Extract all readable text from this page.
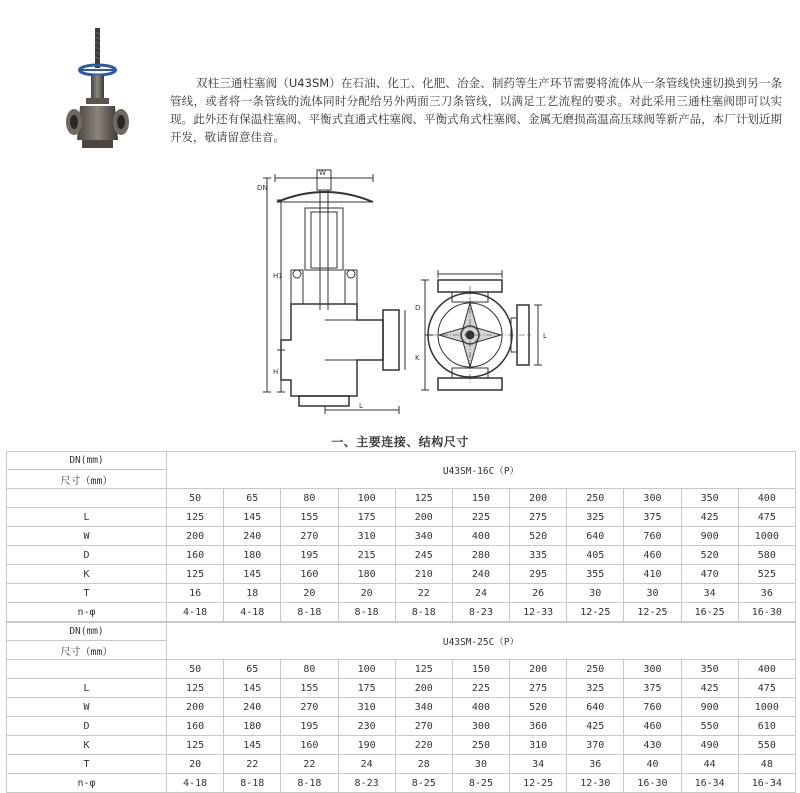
双柱三通柱塞阀（U43SM）在石油、化工、化肥、冶金、制药等生产环节需要将流体从一条管线快速切换到另一条管线，或者将一条管线的流体同时分配给另外两面三刀条管线，以满足工艺流程的要求。对此采用三通柱塞阀即可以实现。此外还有保温柱塞阀、平衡式直通式柱塞阀、平衡式角式柱塞阀、金属无磨损高温高压球阀等新产品，本厂计划近期开发，敬请留意佳音。
W
DN
H1
H
L
D
K
L
一、主要连接、结构尺寸
DN(mm)	U43SM-16C（P）										
尺寸（mm）											
	50	65	80	100	125	150	200	250	300	350	400
L	125	145	155	175	200	225	275	325	375	425	475
W	200	240	270	310	340	400	520	640	760	900	1000
D	160	180	195	215	245	280	335	405	460	520	580
K	125	145	160	180	210	240	295	355	410	470	525
T	16	18	20	20	22	24	26	30	30	34	36
n-φ	4-18	4-18	8-18	8-18	8-18	8-23	12-33	12-25	12-25	16-25	16-30
DN(mm)	U43SM-25C（P）										
尺寸（mm）											
	50	65	80	100	125	150	200	250	300	350	400
L	125	145	155	175	200	225	275	325	375	425	475
W	200	240	270	310	340	400	520	640	760	900	1000
D	160	180	195	230	270	300	360	425	460	550	610
K	125	145	160	190	220	250	310	370	430	490	550
T	20	22	22	24	28	30	34	36	40	44	48
n-φ	4-18	8-18	8-18	8-23	8-25	8-25	12-25	12-30	16-30	16-34	16-34
